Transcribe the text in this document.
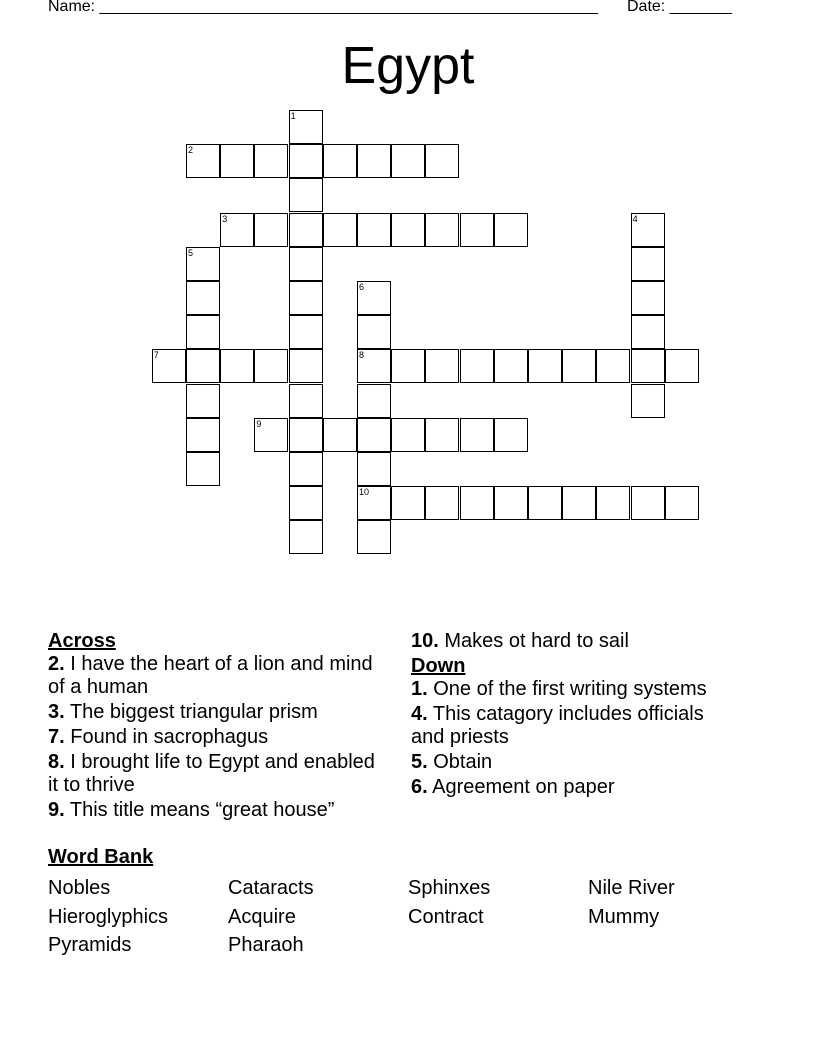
Name: ________________________________________________________ Date: _______
Egypt
1
2
3	4
5
6
7	8
9
10

Across

2. I have the heart of a lion and mind of a human

3. The biggest triangular prism

7. Found in sacrophagus

8. I brought life to Egypt and enabled it to thrive

9. This title means “great house”

10. Makes ot hard to sail

Down

1. One of the first writing systems

4. This catagory includes officials and priests

5. Obtain

6. Agreement on paper

Word Bank
Nobles	Cataracts	Sphinxes	Nile River
Hieroglyphics	Acquire	Contract	Mummy
Pyramids	Pharaoh
